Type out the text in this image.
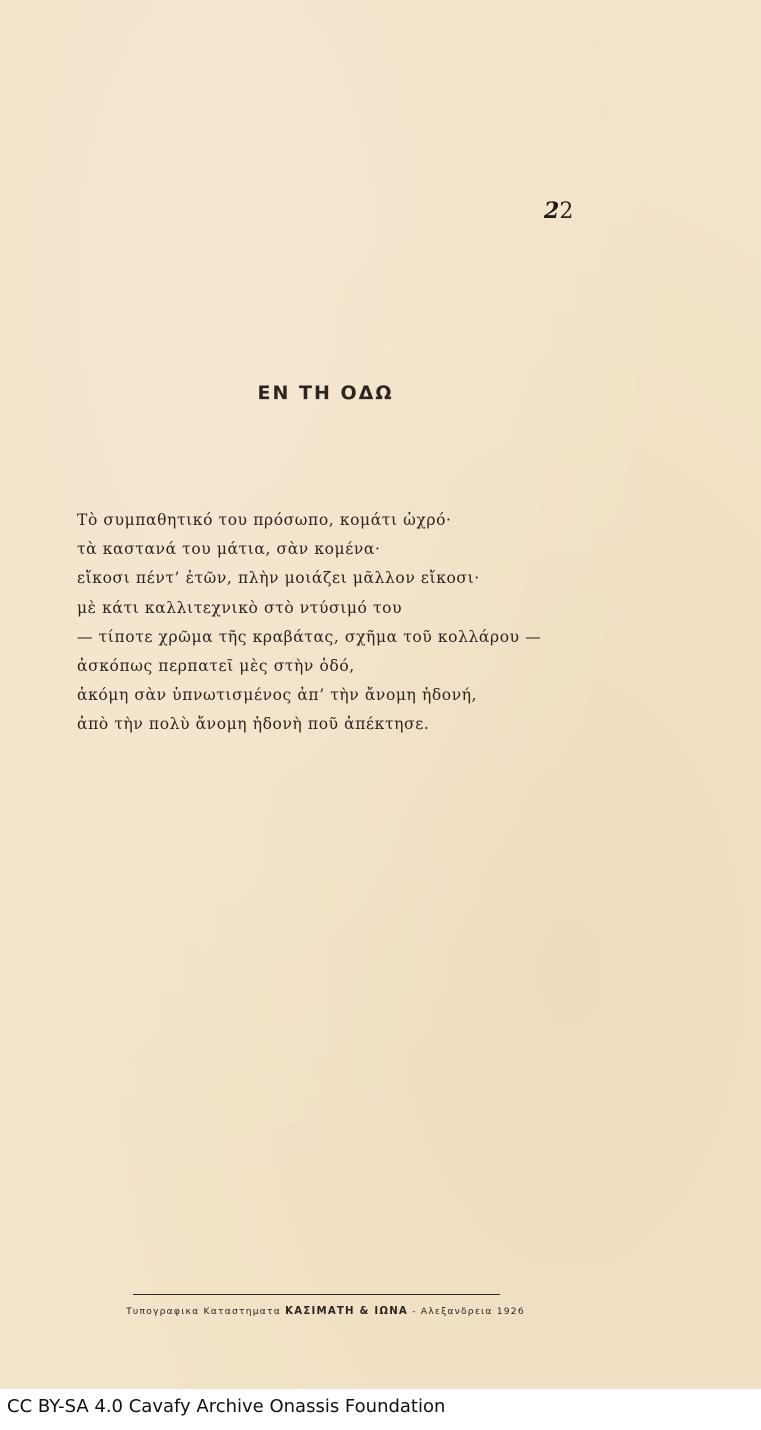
22
ΕΝ ΤΗ ΟΔΩ
Τὸ συμπαθητικό του πρόσωπο, κομάτι ὠχρό·
τὰ καστανά του μάτια, σὰν κομένα·
εἴκοσι πέντ’ ἐτῶν, πλὴν μοιάζει μᾶλλον εἴκοσι·
μὲ κάτι καλλιτεχνικὸ στὸ ντύσιμό του
— τίποτε χρῶμα τῆς κραβάτας, σχῆμα τοῦ κολλάρου —
ἀσκόπως περπατεῖ μὲς στὴν ὁδό,
ἀκόμη σὰν ὑπνωτισμένος ἀπ’ τὴν ἄνομη ἡδονή,
ἀπὸ τὴν πολὺ ἄνομη ἡδονὴ ποῦ ἀπέκτησε.
Τυπογραφικα Καταστηματα ΚΑΣΙΜΑΤΗ & ΙΩΝΑ - Αλεξανδρεια 1926
CC BY-SA 4.0 Cavafy Archive Onassis Foundation
